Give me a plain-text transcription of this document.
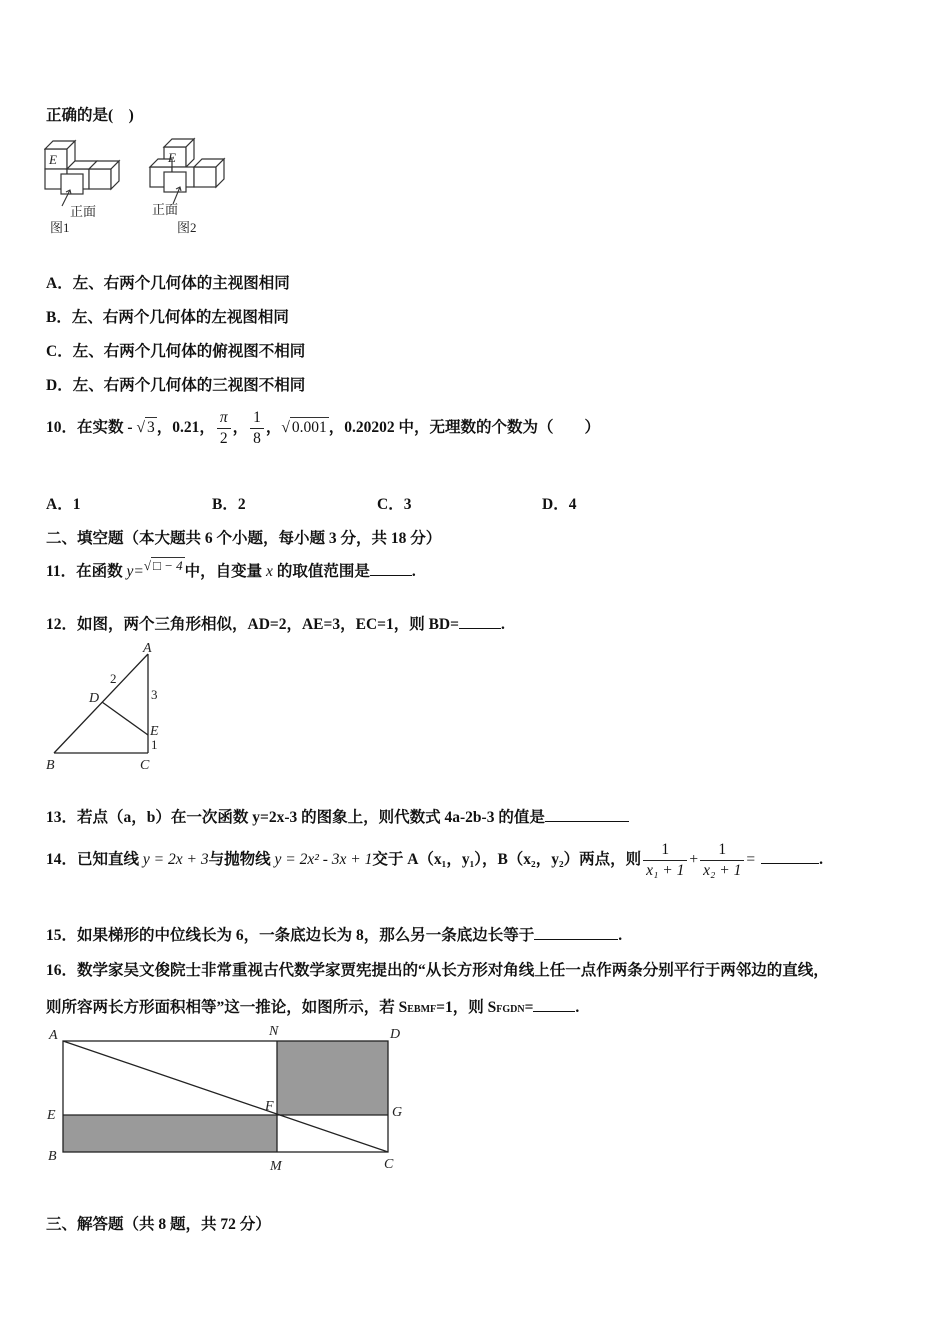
正确的是(　)
E	E
正面	正面
图1	图2
A．左、右两个几何体的主视图相同
B．左、右两个几何体的左视图相同
C．左、右两个几何体的俯视图不相同
D．左、右两个几何体的三视图不相同
10．在实数 - √ 3 ，0.21， $\frac{\pi}{2}$ ， $\frac{1}{8}$ ，√ 0.001 ，0.20202 中，无理数的个数为（　　）
A．1	B．2	C．3	D．4
二、填空题（本大题共 6 个小题，每小题 3 分，共 18 分）
11．在函数 y=√ □ − 4 中，自变量 x 的取值范围是	.
12．如图，两个三角形相似，AD=2，AE=3，EC=1，则 BD=	.
A
B	C
D
E
2
3
1
13．若点（a，b）在一次函数 y=2x-3 的图象上，则代数式 4a-2b-3 的值是
14．已知直线 y = 2x + 3与抛物线 y = 2x² - 3x + 1交于 A（x₁，y₁），B（x₂，y₂）两点，则 $\frac{1}{\text{x₁ + 1}} + \frac{1}{\text{x₂ + 1}}$ =	.
15．如果梯形的中位线长为 6，一条底边长为 8，那么另一条底边长等于	.
16．数学家吴文俊院士非常重视古代数学家贾宪提出的“从长方形对角线上任一点作两条分别平行于两邻边的直线，
则所容两长方形面积相等”这一推论，如图所示，若 SEBMF=1，则 SFGDN=	.
A	N	D
E
F	G
B
M	C
三、解答题（共 8 题，共 72 分）
